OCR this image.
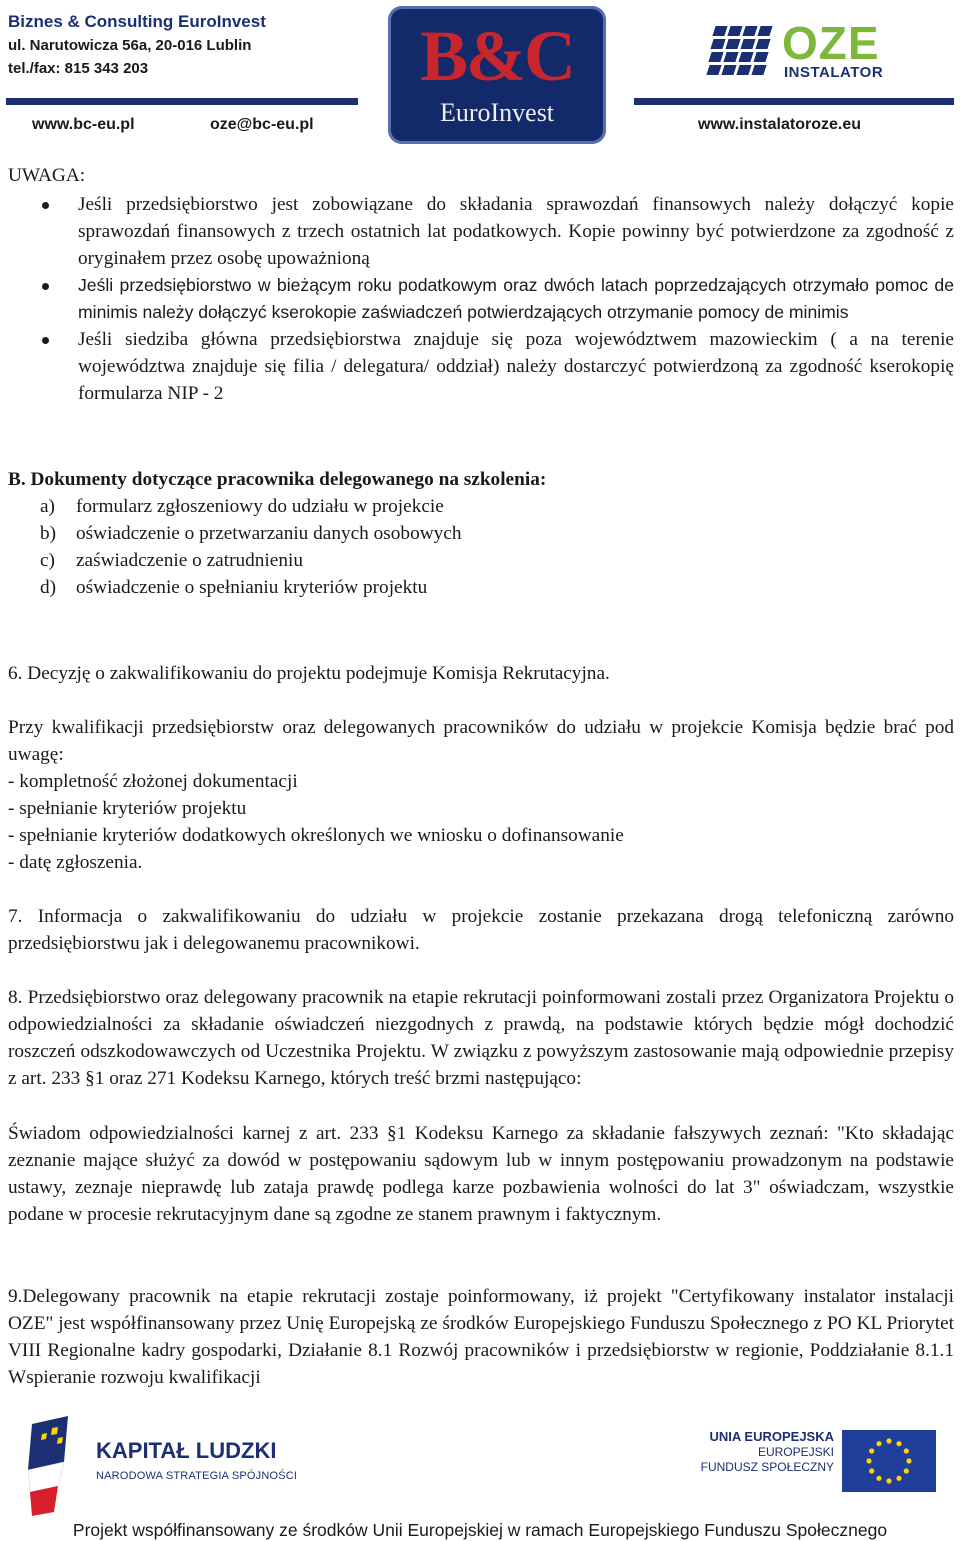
Biznes & Consulting EuroInvest
ul. Narutowicza 56a, 20-016 Lublin
tel./fax: 815 343 203
www.bc-eu.pl	oze@bc-eu.pl	www.instalatoroze.eu
B&C
EuroInvest
OZE
INSTALATOR

UWAGA:

Jeśli przedsiębiorstwo jest zobowiązane do składania sprawozdań finansowych należy dołączyć kopie sprawozdań finansowych z trzech ostatnich lat podatkowych. Kopie powinny być potwierdzone za zgodność z oryginałem przez osobę upoważnioną
Jeśli przedsiębiorstwo w bieżącym roku podatkowym oraz dwóch latach poprzedzających otrzymało pomoc de minimis należy dołączyć kserokopie zaświadczeń potwierdzających otrzymanie pomocy de minimis
Jeśli siedziba główna przedsiębiorstwa znajduje się poza województwem mazowieckim ( a na terenie województwa znajduje się filia / delegatura/ oddział) należy dostarczyć potwierdzoną za zgodność kserokopię formularza NIP - 2
B. Dokumenty dotyczące pracownika delegowanego na szkolenia:
a) formularz zgłoszeniowy do udziału w projekcie
b) oświadczenie o przetwarzaniu danych osobowych
c) zaświadczenie o zatrudnieniu
d) oświadczenie o spełnianiu kryteriów projektu

6. Decyzję o zakwalifikowaniu do projektu podejmuje Komisja Rekrutacyjna.

Przy kwalifikacji przedsiębiorstw oraz delegowanych pracowników do udziału w projekcie Komisja będzie brać pod uwagę:

- kompletność złożonej dokumentacji

- spełnianie kryteriów projektu

- spełnianie kryteriów dodatkowych określonych we wniosku o dofinansowanie

- datę zgłoszenia.

7. Informacja o zakwalifikowaniu do udziału w projekcie zostanie przekazana drogą telefoniczną zarówno przedsiębiorstwu jak i delegowanemu pracownikowi.

8. Przedsiębiorstwo oraz delegowany pracownik na etapie rekrutacji poinformowani zostali przez Organizatora Projektu o odpowiedzialności za składanie oświadczeń niezgodnych z prawdą, na podstawie których będzie mógł dochodzić roszczeń odszkodowawczych od Uczestnika Projektu. W związku z powyższym zastosowanie mają odpowiednie przepisy z art. 233 §1 oraz 271 Kodeksu Karnego, których treść brzmi następująco:

Świadom odpowiedzialności karnej z art. 233 §1 Kodeksu Karnego za składanie fałszywych zeznań: "Kto składając zeznanie mające służyć za dowód w postępowaniu sądowym lub w innym postępowaniu prowadzonym na podstawie ustawy, zeznaje nieprawdę lub zataja prawdę podlega karze pozbawienia wolności do lat 3" oświadczam, wszystkie podane w procesie rekrutacyjnym dane są zgodne ze stanem prawnym i faktycznym.

9.Delegowany pracownik na etapie rekrutacji zostaje poinformowany, iż projekt "Certyfikowany instalator instalacji OZE" jest współfinansowany przez Unię Europejską ze środków Europejskiego Funduszu Społecznego z PO KL Priorytet VIII Regionalne kadry gospodarki, Działanie 8.1 Rozwój pracowników i przedsiębiorstw w regionie, Poddziałanie 8.1.1 Wspieranie rozwoju kwalifikacji

KAPITAŁ LUDZKI
NARODOWA STRATEGIA SPÓJNOŚCI
UNIA EUROPEJSKA
EUROPEJSKI
FUNDUSZ SPOŁECZNY
Projekt współfinansowany ze środków Unii Europejskiej w ramach Europejskiego Funduszu Społecznego
